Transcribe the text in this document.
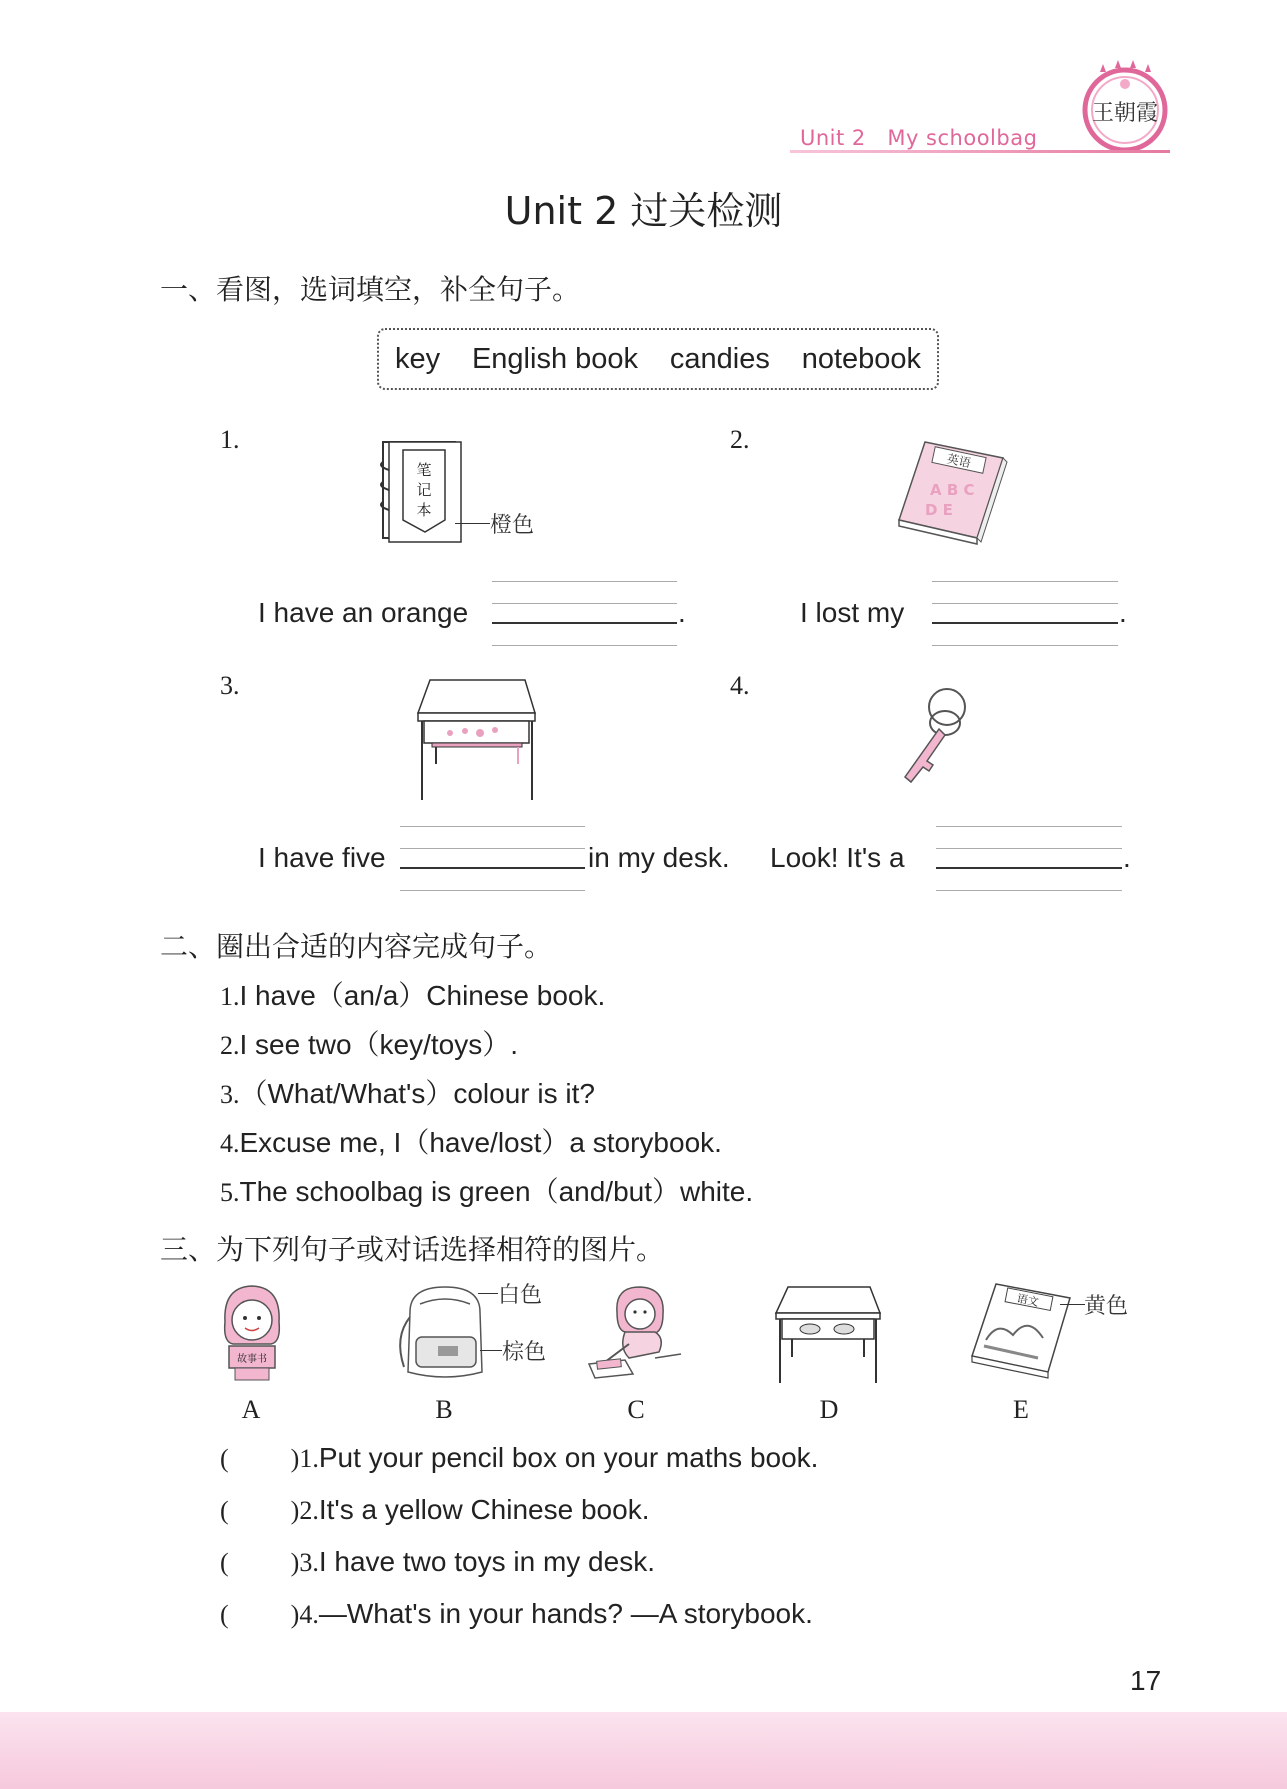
王朝霞
Unit 2 My schoolbag
Unit 2 过关检测
一、看图，选词填空，补全句子。
key English book candies notebook
1.
笔
记
本
橙色
I have an orange	.
2.
英语
A B C
D E
I lost my	.
3.
I have five	in my desk.
4.
Look! It's a	.
二、圈出合适的内容完成句子。
1.I have（an/a）Chinese book.
2.I see two（key/toys）.
3.（What/What's）colour is it?
4.Excuse me, I（have/lost）a storybook.
5.The schoolbag is green（and/but）white.
三、为下列句子或对话选择相符的图片。
故事书
A
白色
棕色
B	C	D
语文 黄色
E
( )1.Put your pencil box on your maths book.
( )2.It's a yellow Chinese book.
( )3.I have two toys in my desk.
( )4.—What's in your hands? —A storybook.
17
